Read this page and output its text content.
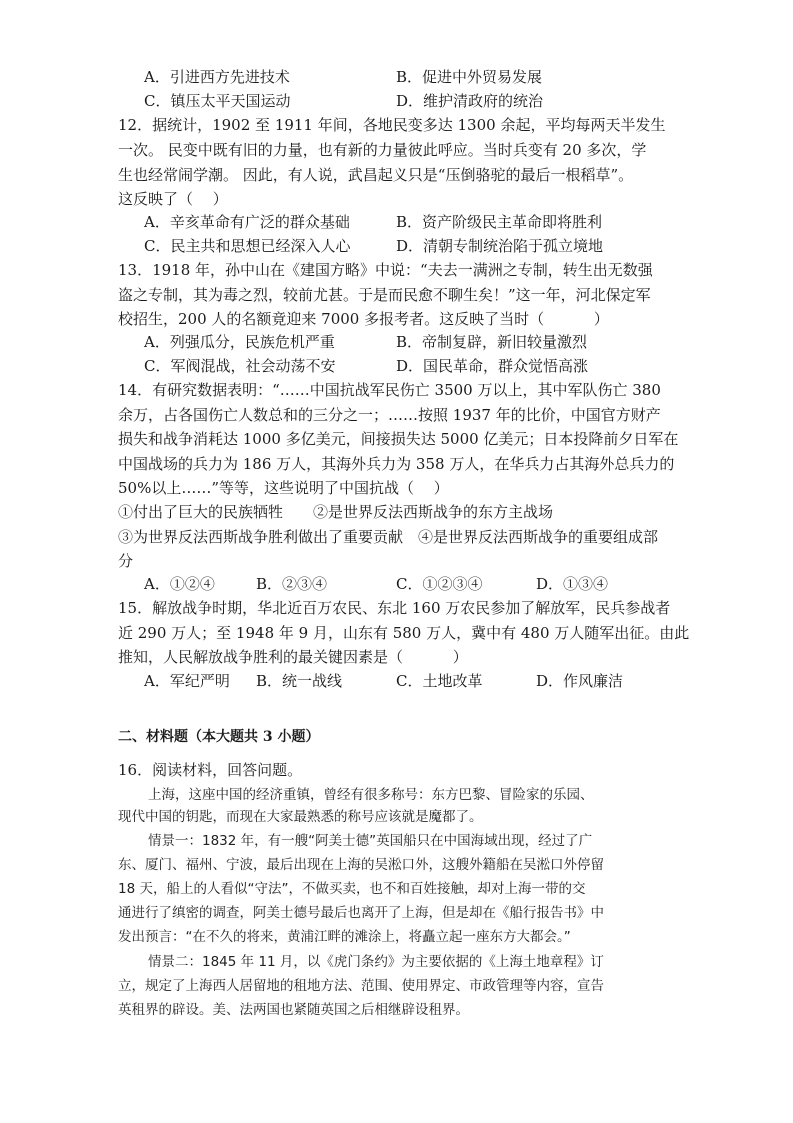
A．引进西方先进技术	B．促进中外贸易发展
C．镇压太平天国运动	D．维护清政府的统治
12．据统计，1902 至 1911 年间，各地民变多达 1300 余起，平均每两天半发生
一次。 民变中既有旧的力量，也有新的力量彼此呼应。当时兵变有 20 多次，学
生也经常闹学潮。 因此，有人说，武昌起义只是“压倒骆驼的最后一根稻草”。
这反映了（　 ）
A．辛亥革命有广泛的群众基础	B．资产阶级民主革命即将胜利
C．民主共和思想已经深入人心	D．清朝专制统治陷于孤立境地
13．1918 年，孙中山在《建国方略》中说：“夫去一满洲之专制，转生出无数强
盗之专制，其为毒之烈，较前尤甚。于是而民愈不聊生矣！”这一年，河北保定军
校招生，200 人的名额竟迎来 7000 多报考者。这反映了当时（　　　 ）
A．列强瓜分，民族危机严重	B．帝制复辟，新旧较量激烈
C．军阀混战，社会动荡不安	D．国民革命，群众觉悟高涨
14．有研究数据表明：“……中国抗战军民伤亡 3500 万以上，其中军队伤亡 380
余万，占各国伤亡人数总和的三分之一；……按照 1937 年的比价，中国官方财产
损失和战争消耗达 1000 多亿美元，间接损失达 5000 亿美元；日本投降前夕日军在
中国战场的兵力为 186 万人，其海外兵力为 358 万人，在华兵力占其海外总兵力的
50%以上……”等等，这些说明了中国抗战（　 ）
①付出了巨大的民族牺牲　　②是世界反法西斯战争的东方主战场
③为世界反法西斯战争胜利做出了重要贡献　④是世界反法西斯战争的重要组成部
分
A．①②④	B．②③④	C．①②③④	D．①③④
15．解放战争时期，华北近百万农民、东北 160 万农民参加了解放军，民兵参战者
近 290 万人；至 1948 年 9 月，山东有 580 万人，冀中有 480 万人随军出征。由此
推知，人民解放战争胜利的最关键因素是（　　　 ）
A．军纪严明 B．统一战线	C．土地改革	D．作风廉洁
二、材料题（本大题共 3 小题）
16．阅读材料，回答问题。
上海，这座中国的经济重镇，曾经有很多称号：东方巴黎、冒险家的乐园、
现代中国的钥匙，而现在大家最熟悉的称号应该就是魔都了。
情景一：1832 年，有一艘“阿美士德”英国船只在中国海域出现，经过了广
东、厦门、福州、宁波，最后出现在上海的吴淞口外，这艘外籍船在吴淞口外停留
18 天，船上的人看似“守法”，不做买卖，也不和百姓接触，却对上海一带的交
通进行了缜密的调查，阿美士德号最后也离开了上海，但是却在《船行报告书》中
发出预言：“在不久的将来，黄浦江畔的滩涂上，将矗立起一座东方大都会。”
情景二：1845 年 11 月，以《虎门条约》为主要依据的《上海土地章程》订
立，规定了上海西人居留地的租地方法、范围、使用界定、市政管理等内容，宣告
英租界的辟设。美、法两国也紧随英国之后相继辟设租界。
